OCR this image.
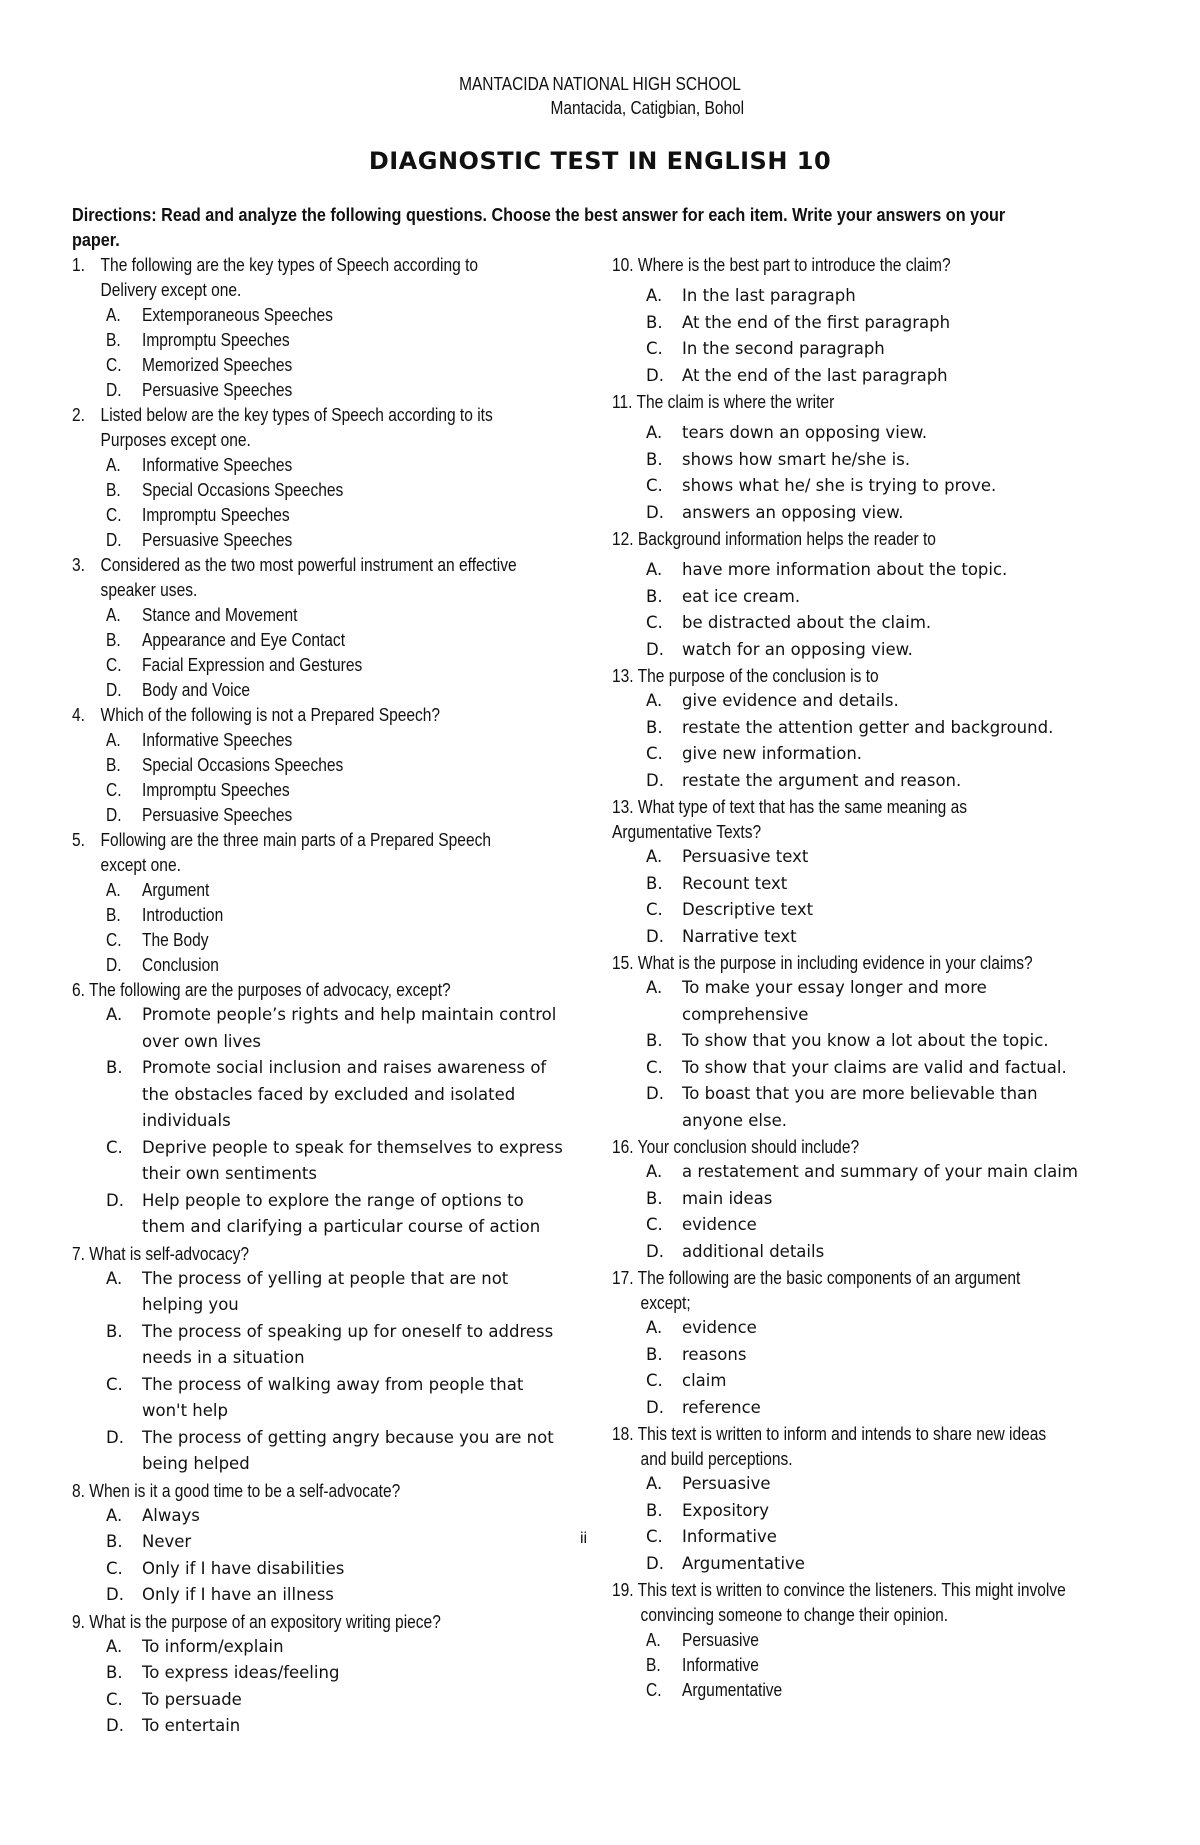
MANTACIDA NATIONAL HIGH SCHOOL
Mantacida, Catigbian, Bohol
DIAGNOSTIC TEST IN ENGLISH 10
Directions: Read and analyze the following questions. Choose the best answer for each item. Write your answers on your
paper.
1. The following are the key types of Speech according to
Delivery except one.
A. Extemporaneous Speeches
B. Impromptu Speeches
C. Memorized Speeches
D. Persuasive Speeches
2. Listed below are the key types of Speech according to its
Purposes except one.
A. Informative Speeches
B. Special Occasions Speeches
C. Impromptu Speeches
D. Persuasive Speeches
3. Considered as the two most powerful instrument an effective
speaker uses.
A. Stance and Movement
B. Appearance and Eye Contact
C. Facial Expression and Gestures
D. Body and Voice
4. Which of the following is not a Prepared Speech?
A. Informative Speeches
B. Special Occasions Speeches
C. Impromptu Speeches
D. Persuasive Speeches
5. Following are the three main parts of a Prepared Speech
except one.
A. Argument
B. Introduction
C. The Body
D. Conclusion
6. The following are the purposes of advocacy, except?
A. Promote people’s rights and help maintain control
over own lives
B. Promote social inclusion and raises awareness of
the obstacles faced by excluded and isolated
individuals
C. Deprive people to speak for themselves to express
their own sentiments
D. Help people to explore the range of options to
them and clarifying a particular course of action
7. What is self-advocacy?
A. The process of yelling at people that are not
helping you
B. The process of speaking up for oneself to address
needs in a situation
C. The process of walking away from people that
won't help
D. The process of getting angry because you are not
being helped
8. When is it a good time to be a self-advocate?
A. Always
B. Never
C. Only if I have disabilities
D. Only if I have an illness
9. What is the purpose of an expository writing piece?
A. To inform/explain
B. To express ideas/feeling
C. To persuade
D. To entertain
10. Where is the best part to introduce the claim?
A. In the last paragraph
B. At the end of the first paragraph
C. In the second paragraph
D. At the end of the last paragraph
11. The claim is where the writer
A. tears down an opposing view.
B. shows how smart he/she is.
C. shows what he/ she is trying to prove.
D. answers an opposing view.
12. Background information helps the reader to
A. have more information about the topic.
B. eat ice cream.
C. be distracted about the claim.
D. watch for an opposing view.
13. The purpose of the conclusion is to
A. give evidence and details.
B. restate the attention getter and background.
C. give new information.
D. restate the argument and reason.
13. What type of text that has the same meaning as
Argumentative Texts?
A. Persuasive text
B. Recount text
C. Descriptive text
D. Narrative text
15. What is the purpose in including evidence in your claims?
A. To make your essay longer and more
comprehensive
B. To show that you know a lot about the topic.
C. To show that your claims are valid and factual.
D. To boast that you are more believable than
anyone else.
16. Your conclusion should include?
A. a restatement and summary of your main claim
B. main ideas
C. evidence
D. additional details
17. The following are the basic components of an argument
except;
A. evidence
B. reasons
C. claim
D. reference
18. This text is written to inform and intends to share new ideas
and build perceptions.
A. Persuasive
B. Expository
C. Informative
D. Argumentative
19. This text is written to convince the listeners. This might involve
convincing someone to change their opinion.
A. Persuasive
B. Informative
C. Argumentative
ii
